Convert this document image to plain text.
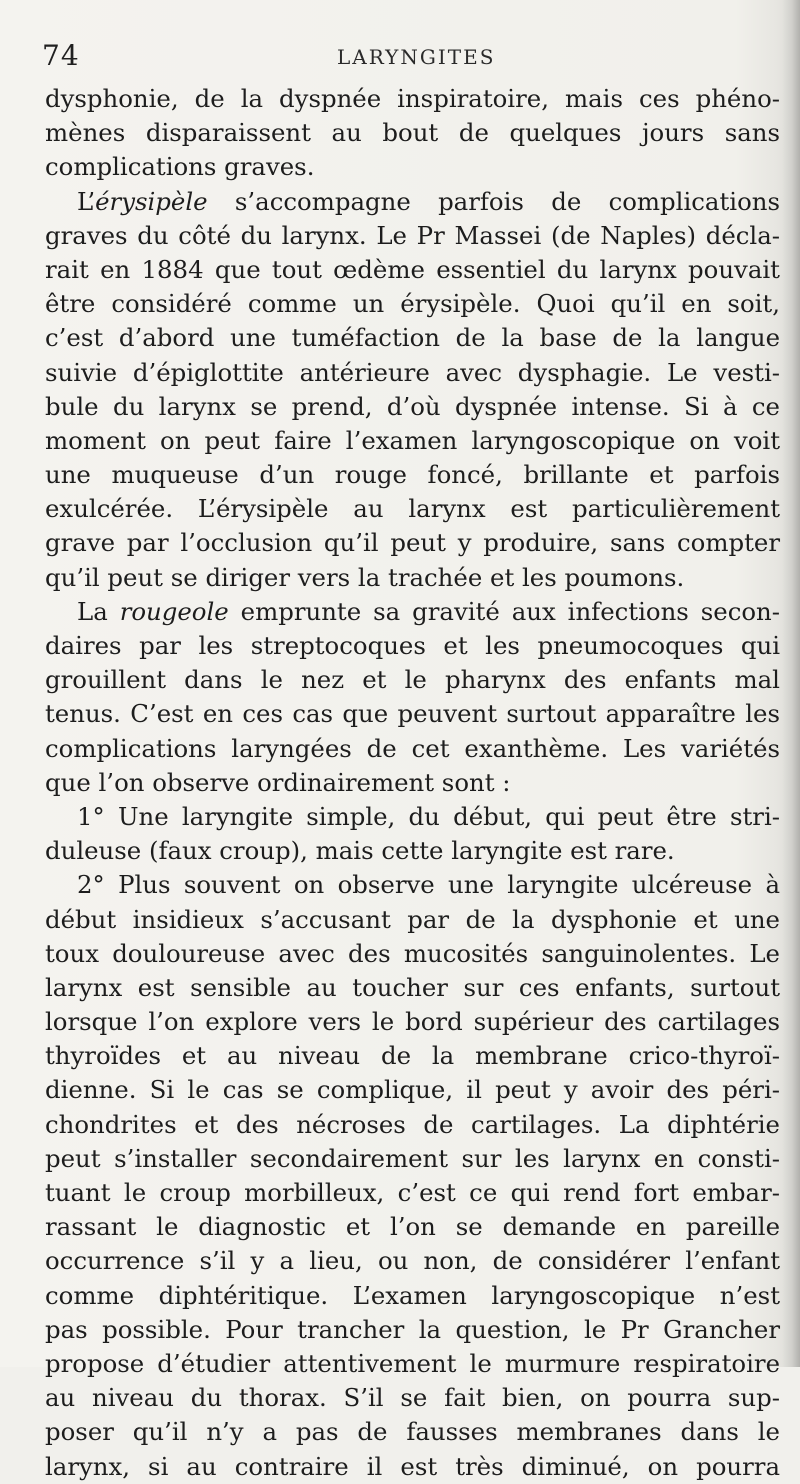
74	LARYNGITES
dysphonie, de la dyspnée inspiratoire, mais ces phéno-
mènes disparaissent au bout de quelques jours sans
complications graves.
L’érysipèle s’accompagne parfois de complications
graves du côté du larynx. Le Pr Massei (de Naples) décla-
rait en 1884 que tout œdème essentiel du larynx pouvait
être considéré comme un érysipèle. Quoi qu’il en soit,
c’est d’abord une tuméfaction de la base de la langue
suivie d’épiglottite antérieure avec dysphagie. Le vesti-
bule du larynx se prend, d’où dyspnée intense. Si à ce
moment on peut faire l’examen laryngoscopique on voit
une muqueuse d’un rouge foncé, brillante et parfois
exulcérée. L’érysipèle au larynx est particulièrement
grave par l’occlusion qu’il peut y produire, sans compter
qu’il peut se diriger vers la trachée et les poumons.
La rougeole emprunte sa gravité aux infections secon-
daires par les streptocoques et les pneumocoques qui
grouillent dans le nez et le pharynx des enfants mal
tenus. C’est en ces cas que peuvent surtout apparaître les
complications laryngées de cet exanthème. Les variétés
que l’on observe ordinairement sont :
1° Une laryngite simple, du début, qui peut être stri-
duleuse (faux croup), mais cette laryngite est rare.
2° Plus souvent on observe une laryngite ulcéreuse à
début insidieux s’accusant par de la dysphonie et une
toux douloureuse avec des mucosités sanguinolentes. Le
larynx est sensible au toucher sur ces enfants, surtout
lorsque l’on explore vers le bord supérieur des cartilages
thyroïdes et au niveau de la membrane crico-thyroï-
dienne. Si le cas se complique, il peut y avoir des péri-
chondrites et des nécroses de cartilages. La diphtérie
peut s’installer secondairement sur les larynx en consti-
tuant le croup morbilleux, c’est ce qui rend fort embar-
rassant le diagnostic et l’on se demande en pareille
occurrence s’il y a lieu, ou non, de considérer l’enfant
comme diphtéritique. L’examen laryngoscopique n’est
pas possible. Pour trancher la question, le Pr Grancher
propose d’étudier attentivement le murmure respiratoire
au niveau du thorax. S’il se fait bien, on pourra sup-
poser qu’il n’y a pas de fausses membranes dans le
larynx, si au contraire il est très diminué, on pourra
